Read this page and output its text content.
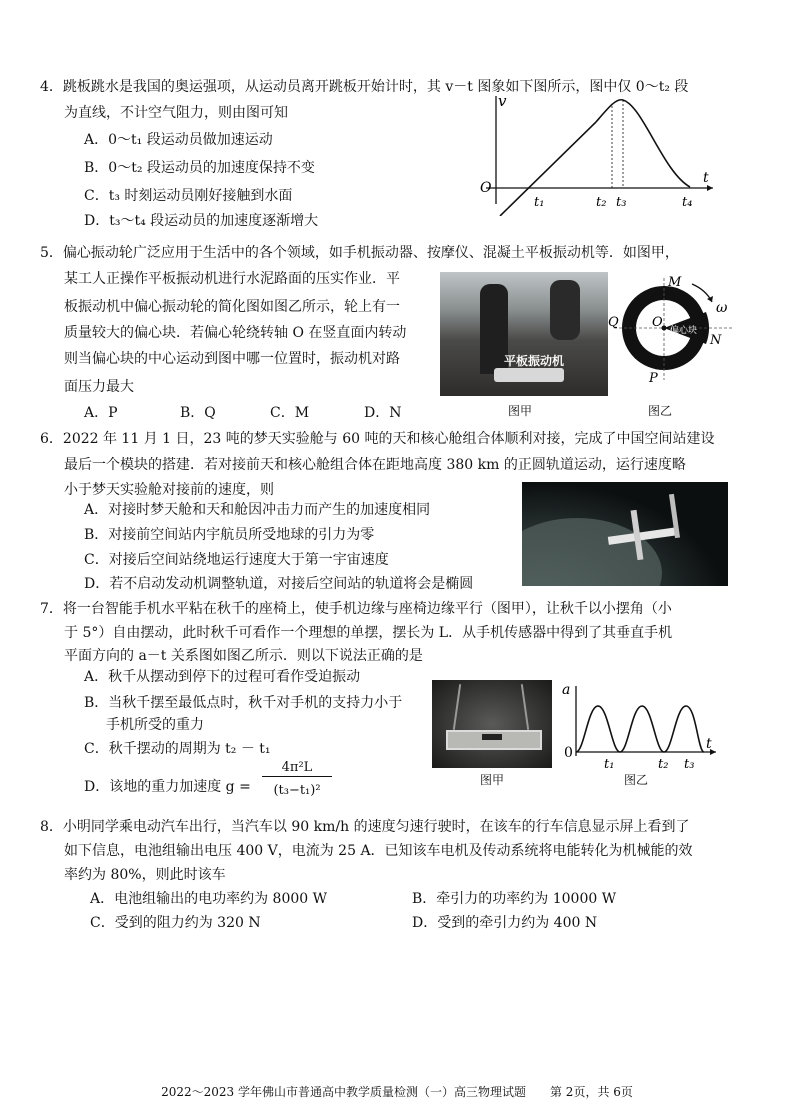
4．跳板跳水是我国的奥运强项，从运动员离开跳板开始计时，其 v－t 图象如下图所示，图中仅 0～t₂ 段
为直线，不计空气阻力，则由图可知
A．0～t₁ 段运动员做加速运动
B．0～t₂ 段运动员的加速度保持不变
C．t₃ 时刻运动员刚好接触到水面
D．t₃～t₄ 段运动员的加速度逐渐增大
v
t
O
t₁	t₂ t₃	t₄
5．偏心振动轮广泛应用于生活中的各个领域，如手机振动器、按摩仪、混凝土平板振动机等．如图甲，
某工人正操作平板振动机进行水泥路面的压实作业．平
板振动机中偏心振动轮的简化图如图乙所示，轮上有一
质量较大的偏心块．若偏心轮绕转轴 O 在竖直面内转动
则当偏心块的中心运动到图中哪一位置时，振动机对路
面压力最大
A．P	B．Q	C．M	D．N
平板振动机
图甲
M
N
P
Q	O
ω
偏心块
图乙
6．2022 年 11 月 1 日，23 吨的梦天实验舱与 60 吨的天和核心舱组合体顺利对接，完成了中国空间站建设
最后一个模块的搭建．若对接前天和核心舱组合体在距地高度 380 km 的正圆轨道运动，运行速度略
小于梦天实验舱对接前的速度，则
A．对接时梦天舱和天和舱因冲击力而产生的加速度相同
B．对接前空间站内宇航员所受地球的引力为零
C．对接后空间站绕地运行速度大于第一宇宙速度
D．若不启动发动机调整轨道，对接后空间站的轨道将会是椭圆
7．将一台智能手机水平粘在秋千的座椅上，使手机边缘与座椅边缘平行（图甲），让秋千以小摆角（小
于 5°）自由摆动，此时秋千可看作一个理想的单摆，摆长为 L．从手机传感器中得到了其垂直手机
平面方向的 a－t 关系图如图乙所示．则以下说法正确的是
A．秋千从摆动到停下的过程可看作受迫振动
B．当秋千摆至最低点时，秋千对手机的支持力小于
手机所受的重力
C．秋千摆动的周期为 t₂ － t₁
D．该地的重力加速度 g =
4π²L
(t₃−t₁)²
图甲
a
t
0
t₁	t₂ t₃
图乙
8．小明同学乘电动汽车出行，当汽车以 90 km/h 的速度匀速行驶时，在该车的行车信息显示屏上看到了
如下信息，电池组输出电压 400 V，电流为 25 A．已知该车电机及传动系统将电能转化为机械能的效
率约为 80%，则此时该车
A．电池组输出的电功率约为 8000 W	B．牵引力的功率约为 10000 W
C．受到的阻力约为 320 N	D．受到的牵引力约为 400 N
2022～2023 学年佛山市普通高中教学质量检测（一）高三物理试题　　第 2页，共 6页
